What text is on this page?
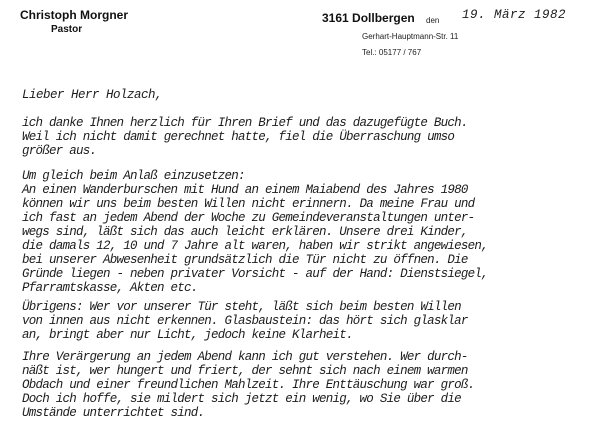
Christoph Morgner
Pastor
3161 Dollbergen den 19. März 1982
Gerhart-Hauptmann-Str. 11
Tel.: 05177 / 767
Lieber Herr Holzach,
ich danke Ihnen herzlich für Ihren Brief und das dazugefügte Buch.
Weil ich nicht damit gerechnet hatte, fiel die Überraschung umso
größer aus.
Um gleich beim Anlaß einzusetzen:
An einen Wanderburschen mit Hund an einem Maiabend des Jahres 1980
können wir uns beim besten Willen nicht erinnern. Da meine Frau und
ich fast an jedem Abend der Woche zu Gemeindeveranstaltungen unter-
wegs sind, läßt sich das auch leicht erklären. Unsere drei Kinder,
die damals 12, 10 und 7 Jahre alt waren, haben wir strikt angewiesen,
bei unserer Abwesenheit grundsätzlich die Tür nicht zu öffnen. Die
Gründe liegen - neben privater Vorsicht - auf der Hand: Dienstsiegel,
Pfarramtskasse, Akten etc.
Übrigens: Wer vor unserer Tür steht, läßt sich beim besten Willen
von innen aus nicht erkennen. Glasbaustein: das hört sich glasklar
an, bringt aber nur Licht, jedoch keine Klarheit.
Ihre Verärgerung an jedem Abend kann ich gut verstehen. Wer durch-
näßt ist, wer hungert und friert, der sehnt sich nach einem warmen
Obdach und einer freundlichen Mahlzeit. Ihre Enttäuschung war groß.
Doch ich hoffe, sie mildert sich jetzt ein wenig, wo Sie über die
Umstände unterrichtet sind.
